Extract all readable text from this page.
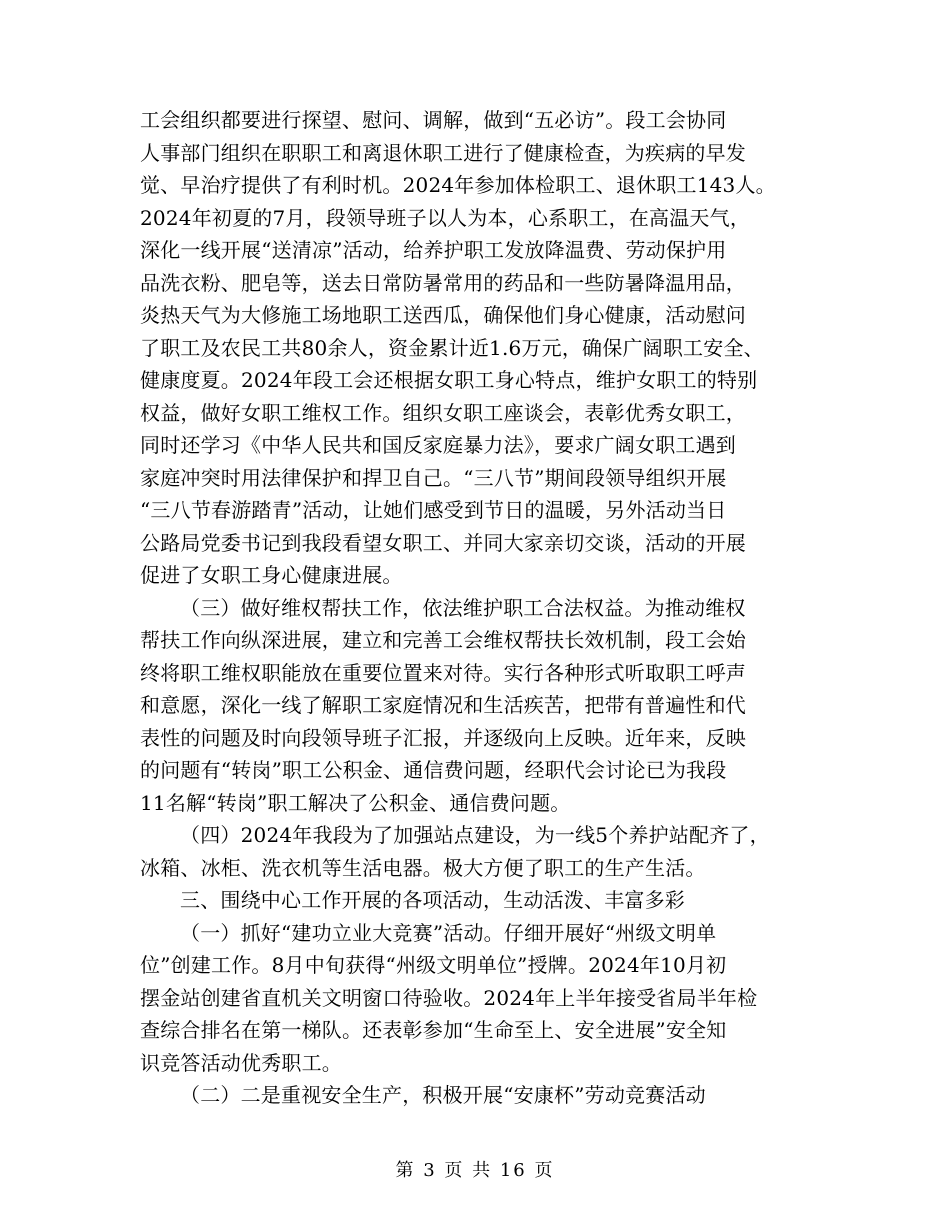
工会组织都要进行探望、慰问、调解，做到“五必访”。段工会协同
人事部门组织在职职工和离退休职工进行了健康检查，为疾病的早发
觉、早治疗提供了有利时机。2024年参加体检职工、退休职工143人。
2024年初夏的7月，段领导班子以人为本，心系职工，在高温天气，
深化一线开展“送清凉”活动，给养护职工发放降温费、劳动保护用
品洗衣粉、肥皂等，送去日常防暑常用的药品和一些防暑降温用品，
炎热天气为大修施工场地职工送西瓜，确保他们身心健康，活动慰问
了职工及农民工共80余人，资金累计近1.6万元，确保广阔职工安全、
健康度夏。2024年段工会还根据女职工身心特点，维护女职工的特别
权益，做好女职工维权工作。组织女职工座谈会，表彰优秀女职工，
同时还学习《中华人民共和国反家庭暴力法》，要求广阔女职工遇到
家庭冲突时用法律保护和捍卫自己。“三八节”期间段领导组织开展
“三八节春游踏青”活动，让她们感受到节日的温暖，另外活动当日
公路局党委书记到我段看望女职工、并同大家亲切交谈，活动的开展
促进了女职工身心健康进展。

（三）做好维权帮扶工作，依法维护职工合法权益。为推动维权
帮扶工作向纵深进展，建立和完善工会维权帮扶长效机制，段工会始
终将职工维权职能放在重要位置来对待。实行各种形式听取职工呼声
和意愿，深化一线了解职工家庭情况和生活疾苦，把带有普遍性和代
表性的问题及时向段领导班子汇报，并逐级向上反映。近年来，反映
的问题有“转岗”职工公积金、通信费问题，经职代会讨论已为我段
11名解“转岗”职工解决了公积金、通信费问题。

（四）2024年我段为了加强站点建设，为一线5个养护站配齐了，
冰箱、冰柜、洗衣机等生活电器。极大方便了职工的生产生活。

三、围绕中心工作开展的各项活动，生动活泼、丰富多彩

（一）抓好“建功立业大竞赛”活动。仔细开展好“州级文明单
位”创建工作。8月中旬获得“州级文明单位”授牌。2024年10月初
摆金站创建省直机关文明窗口待验收。2024年上半年接受省局半年检
查综合排名在第一梯队。还表彰参加“生命至上、安全进展”安全知
识竞答活动优秀职工。

（二）二是重视安全生产，积极开展“安康杯”劳动竞赛活动

第 3 页 共 16 页
